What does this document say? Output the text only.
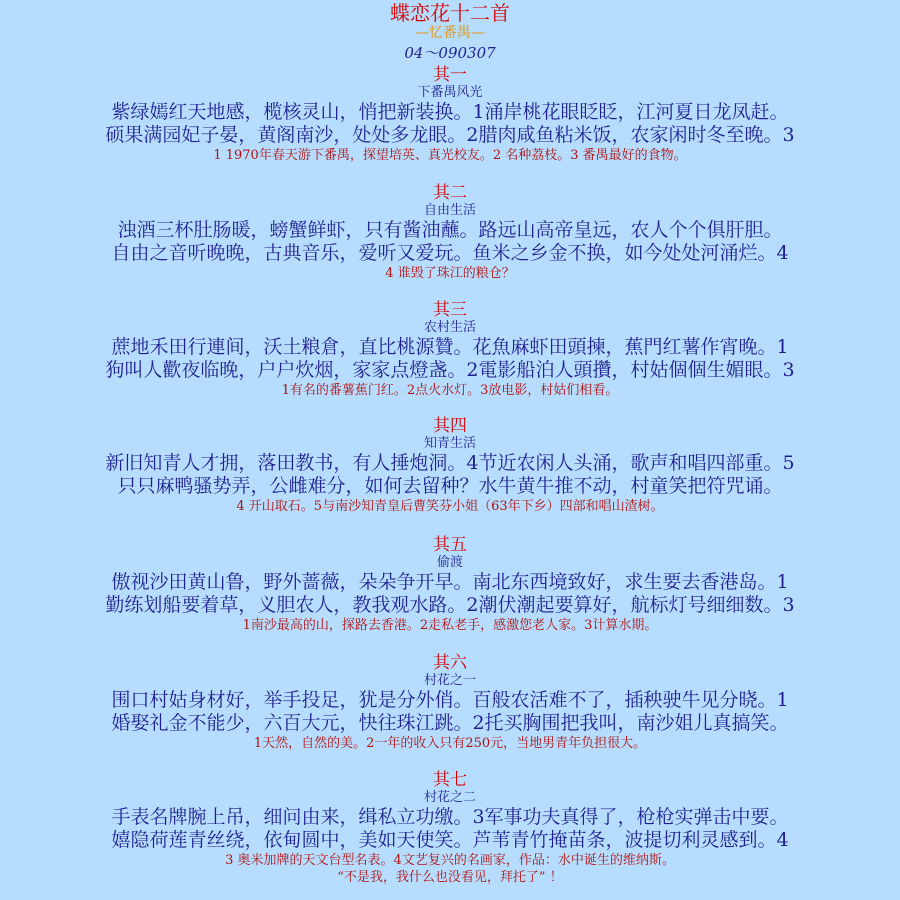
蝶恋花十二首
—忆番禺—
04～090307
其一
下番禺风光
紫绿嫣红天地感，榄核灵山，悄把新装换。1涌岸桃花眼眨眨，江河夏日龙凤赶。
硕果满园妃子晏，黄阁南沙，处处多龙眼。2腊肉咸鱼粘米饭，农家闲时冬至晚。3
1 1970年春天游下番禺，探望培英、真光校友。2 名种荔枝。3 番禺最好的食物。
其二
自由生活
浊酒三杯肚肠暖，螃蟹鲜虾，只有酱油蘸。路远山高帝皇远，农人个个俱肝胆。
自由之音听晚晚，古典音乐，爱听又爱玩。鱼米之乡金不换，如今处处河涌烂。4
4 谁毁了珠江的粮仓？
其三
农村生活
蔗地禾田行連间，沃土粮倉，直比桃源贊。花魚麻虾田頭揀，蕉門红薯作宵晚。1
狗叫人歡夜临晚，户户炊烟，家家点燈盏。2電影船泊人頭攢，村姑個個生媚眼。3
1有名的番薯蕉门红。2点火水灯。3放电影，村姑们相看。
其四
知青生活
新旧知青人才拥，落田教书，有人捶炮洞。4节近农闲人头涌，歌声和唱四部重。5
只只麻鸭骚势弄，公雌难分，如何去留种？水牛黄牛推不动，村童笑把符咒诵。
4 开山取石。5与南沙知青皇后曹笑芬小姐（63年下乡）四部和唱山渣树。
其五
偷渡
傲视沙田黄山鲁，野外蔷薇，朵朵争开早。南北东西境致好，求生要去香港岛。1
勤练划船要着草，义胆农人，教我观水路。2潮伏潮起要算好，航标灯号细细数。3
1南沙最高的山，探路去香港。2走私老手，感激您老人家。3计算水期。
其六
村花之一
围口村姑身材好，举手投足，犹是分外俏。百般农活难不了，插秧驶牛见分晓。1
婚娶礼金不能少，六百大元，快往珠江跳。2托买胸围把我叫，南沙姐儿真搞笑。
1天然，自然的美。2一年的收入只有250元，当地男青年负担很大。
其七
村花之二
手表名牌腕上吊，细问由来，缉私立功缴。3军事功夫真得了，枪枪实弹击中要。
嬉隐荷莲青丝绕，依甸圆中，美如天使笑。芦苇青竹掩苗条，波提切利灵感到。4
3 奥米加牌的天文台型名表。4文艺复兴的名画家，作品：水中诞生的维纳斯。
“不是我，我什么也没看见，拜托了” ！
